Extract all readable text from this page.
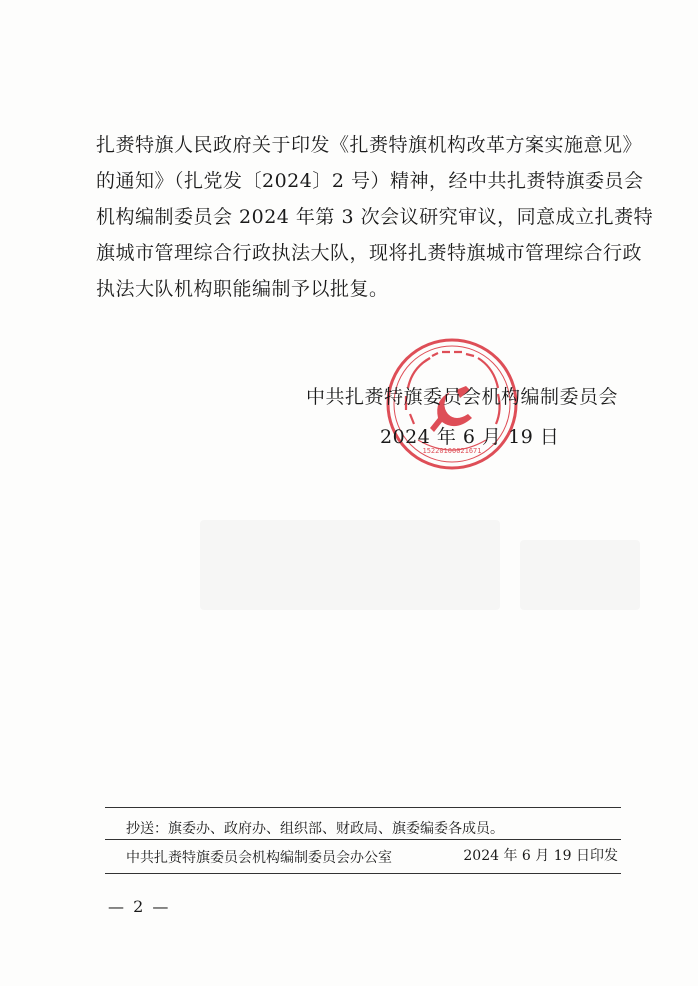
扎赉特旗人民政府关于印发《扎赉特旗机构改革方案实施意见》
的通知》（扎党发〔2024〕2 号）精神，经中共扎赉特旗委员会
机构编制委员会 2024 年第 3 次会议研究审议，同意成立扎赉特
旗城市管理综合行政执法大队，现将扎赉特旗城市管理综合行政
执法大队机构职能编制予以批复。
15220100021671
中共扎赉特旗委员会机构编制委员会
2024 年 6 月 19 日
抄送：旗委办、政府办、组织部、财政局、旗委编委各成员。
中共扎赉特旗委员会机构编制委员会办公室	2024 年 6 月 19 日印发
— 2 —
